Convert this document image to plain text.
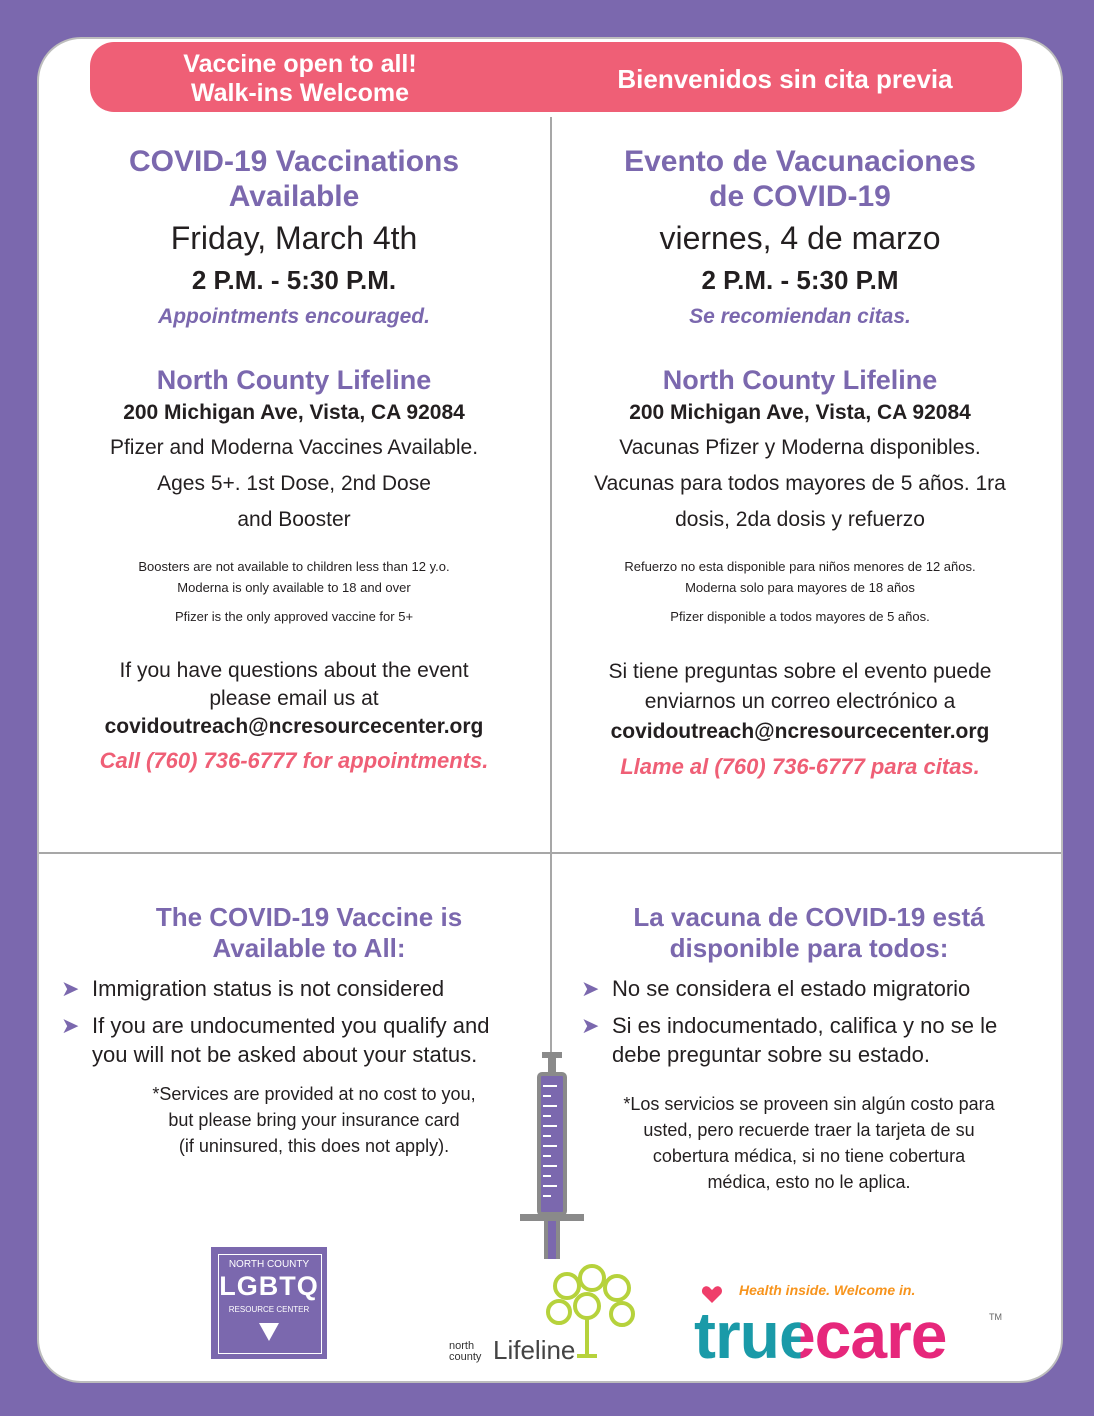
Vaccine open to all!
Walk-ins Welcome	Bienvenidos sin cita previa
COVID-19 Vaccinations
Available
Friday, March 4th
2 P.M. - 5:30 P.M.
Appointments encouraged.
North County Lifeline
200 Michigan Ave, Vista, CA 92084
Pfizer and Moderna Vaccines Available.
Ages 5+. 1st Dose, 2nd Dose
and Booster
Boosters are not available to children less than 12 y.o.
Moderna is only available to 18 and over
Pfizer is the only approved vaccine for 5+
If you have questions about the event
please email us at
covidoutreach@ncresourcecenter.org
Call (760) 736-6777 for appointments.
Evento de Vacunaciones
de COVID-19
viernes, 4 de marzo
2 P.M. - 5:30 P.M
Se recomiendan citas.
North County Lifeline
200 Michigan Ave, Vista, CA 92084
Vacunas Pfizer y Moderna disponibles.
Vacunas para todos mayores de 5 años. 1ra
dosis, 2da dosis y refuerzo
Refuerzo no esta disponible para niños menores de 12 años.
Moderna solo para mayores de 18 años
Pfizer disponible a todos mayores de 5 años.
Si tiene preguntas sobre el evento puede
enviarnos un correo electrónico a
covidoutreach@ncresourcecenter.org
Llame al (760) 736-6777 para citas.
The COVID-19 Vaccine is
Available to All:
➤ Immigration status is not considered
➤ If you are undocumented you qualify and you will not be asked about your status.
*Services are provided at no cost to you,
but please bring your insurance card
(if uninsured, this does not apply).
La vacuna de COVID-19 está
disponible para todos:
➤ No se considera el estado migratorio
➤ Si es indocumentado, califica y no se le debe preguntar sobre su estado.
*Los servicios se proveen sin algún costo para
usted, pero recuerde traer la tarjeta de su
cobertura médica, si no tiene cobertura
médica, esto no le aplica.
NORTH COUNTY
LGBTQ
RESOURCE CENTER
north
county Lifeline
Health inside. Welcome in.
truecare	TM
